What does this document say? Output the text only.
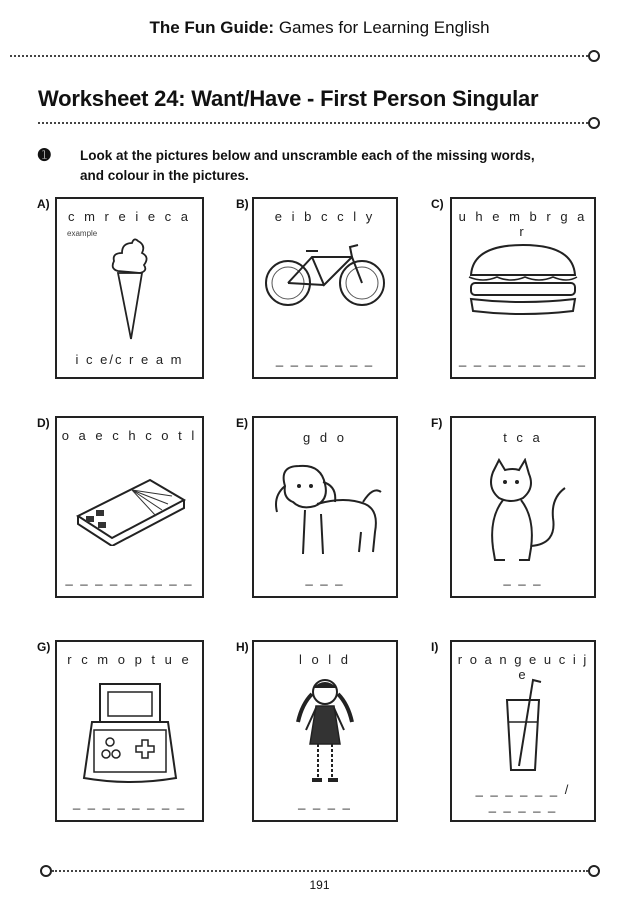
The Fun Guide: Games for Learning English
Worksheet 24: Want/Have - First Person Singular
➊ Look at the pictures below and unscramble each of the missing words, and colour in the pictures.
A)
c m r e i e c a
example
i c e/c r e a m
B)
e i b c c l y
_ _ _ _ _ _ _
C)
u h e m b r g a r
_ _ _ _ _ _ _ _ _
D)
o a e c h c o t l
_ _ _ _ _ _ _ _ _
E)
g d o
_ _ _
F)
t c a
_ _ _
G)
r c m o p t u e
_ _ _ _ _ _ _ _
H)
l o l d
_ _ _ _
I)
r o a n g e u c i j e
_ _ _ _ _ _ /
_ _ _ _ _
191
